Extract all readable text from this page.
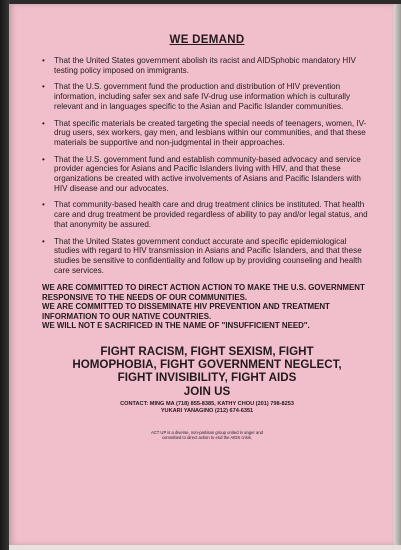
WE DEMAND
• That the United States government abolish its racist and AIDSphobic mandatory HIV testing policy imposed on immigrants.
• That the U.S. government fund the production and distribution of HIV prevention information, including safer sex and safe IV-drug use information which is culturally relevant and in languages specific to the Asian and Pacific Islander communities.
• That specific materials be created targeting the special needs of teenagers, women, IV-drug users, sex workers, gay men, and lesbians within our communities, and that these materials be supportive and non-judgmental in their approaches.
• That the U.S. government fund and establish community-based advocacy and service provider agencies for Asians and Pacific Islanders living with HIV, and that these organizations be created with active involvements of Asians and Pacific Islanders with HIV disease and our advocates.
• That community-based health care and drug treatment clinics be instituted. That health care and drug treatment be provided regardless of ability to pay and/or legal status, and that anonymity be assured.
• That the United States government conduct accurate and specific epidemiological studies with regard to HIV transmission in Asians and Pacific Islanders, and that these studies be sensitive to confidentiality and follow up by providing counseling and health care services.
WE ARE COMMITTED TO DIRECT ACTION ACTION TO MAKE THE U.S. GOVERNMENT RESPONSIVE TO THE NEEDS OF OUR COMMUNITIES.
WE ARE COMMITTED TO DISSEMINATE HIV PREVENTION AND TREATMENT INFORMATION TO OUR NATIVE COUNTRIES.
WE WILL NOT E SACRIFICED IN THE NAME OF "INSUFFICIENT NEED".
FIGHT RACISM, FIGHT SEXISM, FIGHT
HOMOPHOBIA, FIGHT GOVERNMENT NEGLECT,
FIGHT INVISIBILITY, FIGHT AIDS
JOIN US
CONTACT: MING MA (718) 855-8385, KATHY CHOU (201) 798-8253
YUKARI YANAGINO (212) 674-6351
ACT UP is a diverse, non-partisan group united in anger and
committed to direct action to end the AIDS crisis.
